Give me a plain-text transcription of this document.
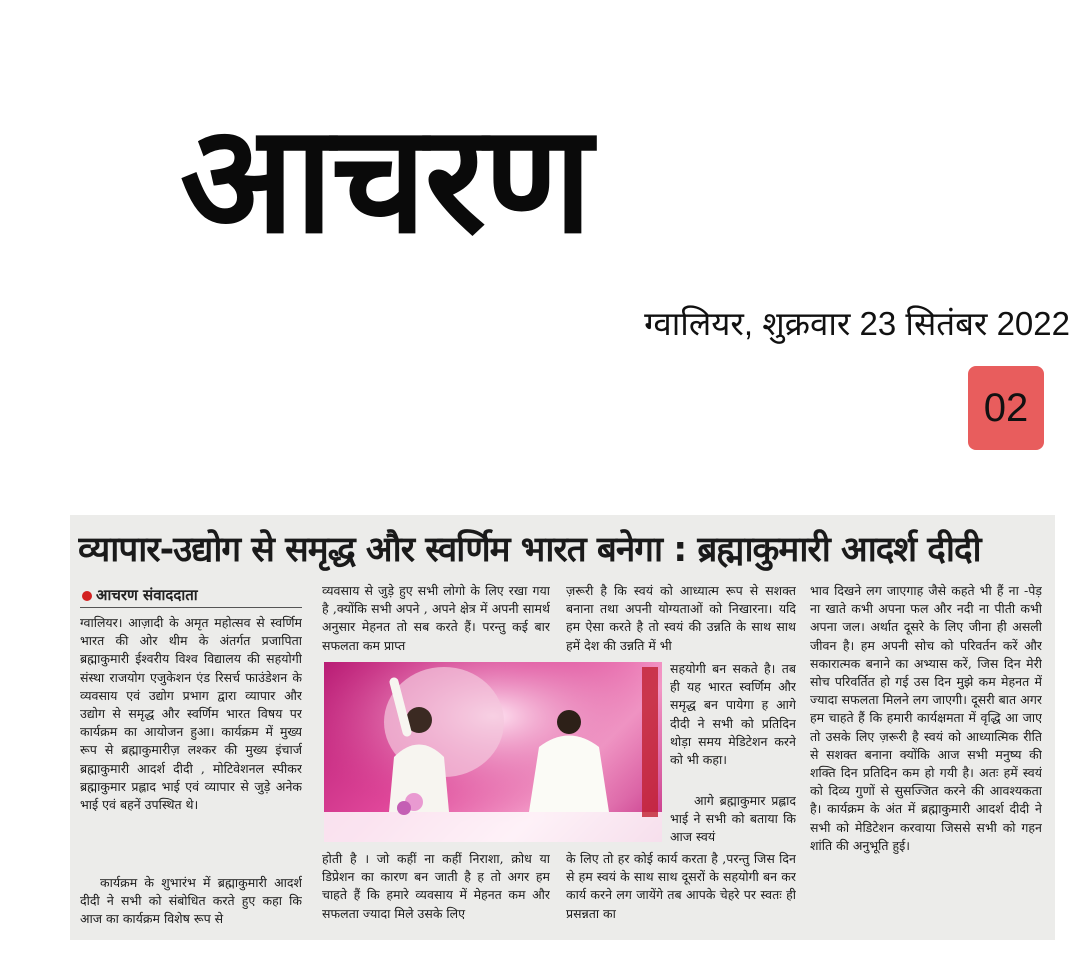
आचरण
ग्वालियर, शुक्रवार 23 सितंबर 2022
02
व्यापार-उद्योग से समृद्ध और स्वर्णिम भारत बनेगा : ब्रह्माकुमारी आदर्श दीदी
आचरण संवाददाता
ग्वालियर। आज़ादी के अमृत महोत्सव से स्वर्णिम भारत की ओर थीम के अंतर्गत प्रजापिता ब्रह्माकुमारी ईश्वरीय विश्व विद्यालय की सहयोगी संस्था राजयोग एजुकेशन एंड रिसर्च फाउंडेशन के व्यवसाय एवं उद्योग प्रभाग द्वारा व्यापार और उद्योग से समृद्ध और स्वर्णिम भारत विषय पर कार्यक्रम का आयोजन हुआ। कार्यक्रम में मुख्य रूप से ब्रह्माकुमारीज़ लश्कर की मुख्य इंचार्ज ब्रह्माकुमारी आदर्श दीदी , मोटिवेशनल स्पीकर ब्रह्माकुमार प्रह्लाद भाई एवं व्यापार से जुड़े अनेक भाई एवं बहनें उपस्थित थे।
कार्यक्रम के शुभारंभ में ब्रह्माकुमारी आदर्श दीदी ने सभी को संबोधित करते हुए कहा कि आज का कार्यक्रम विशेष रूप से
व्यवसाय से जुड़े हुए सभी लोगो के लिए रखा गया है ,क्योंकि सभी अपने , अपने क्षेत्र में अपनी सामर्थ अनुसार मेहनत तो सब करते हैं। परन्तु कई बार सफलता कम प्राप्त
होती है । जो कहीं ना कहीं निराशा, क्रोध या डिप्रेशन का कारण बन जाती है ह तो अगर हम चाहते हैं कि हमारे व्यवसाय में मेहनत कम और सफलता ज्यादा मिले उसके लिए
ज़रूरी है कि स्वयं को आध्यात्म रूप से सशक्त बनाना तथा अपनी योग्यताओं को निखारना। यदि हम ऐसा करते है तो स्वयं की उन्नति के साथ साथ हमें देश की उन्नति में भी
सहयोगी बन सकते है। तब ही यह भारत स्वर्णिम और समृद्ध बन पायेगा ह आगे दीदी ने सभी को प्रतिदिन थोड़ा समय मेडिटेशन करने को भी कहा।
आगे ब्रह्माकुमार प्रह्लाद भाई ने सभी को बताया कि आज स्वयं
के लिए तो हर कोई कार्य करता है ,परन्तु जिस दिन से हम स्वयं के साथ साथ दूसरों के सहयोगी बन कर कार्य करने लग जायेंगे तब आपके चेहरे पर स्वतः ही प्रसन्नता का
भाव दिखने लग जाएगाह जैसे कहते भी हैं ना -पेड़ ना खाते कभी अपना फल और नदी ना पीती कभी अपना जल। अर्थात दूसरे के लिए जीना ही असली जीवन है। हम अपनी सोच को परिवर्तन करें और सकारात्मक बनाने का अभ्यास करें, जिस दिन मेरी सोच परिवर्तित हो गई उस दिन मुझे कम मेहनत में ज्यादा सफलता मिलने लग जाएगी। दूसरी बात अगर हम चाहते हैं कि हमारी कार्यक्षमता में वृद्धि आ जाए तो उसके लिए ज़रूरी है स्वयं को आध्यात्मिक रीति से सशक्त बनाना क्योंकि आज सभी मनुष्य की शक्ति दिन प्रतिदिन कम हो गयी है। अतः हमें स्वयं को दिव्य गुणों से सुसज्जित करने की आवश्यकता है। कार्यक्रम के अंत में ब्रह्माकुमारी आदर्श दीदी ने सभी को मेडिटेशन करवाया जिससे सभी को गहन शांति की अनुभूति हुई।
